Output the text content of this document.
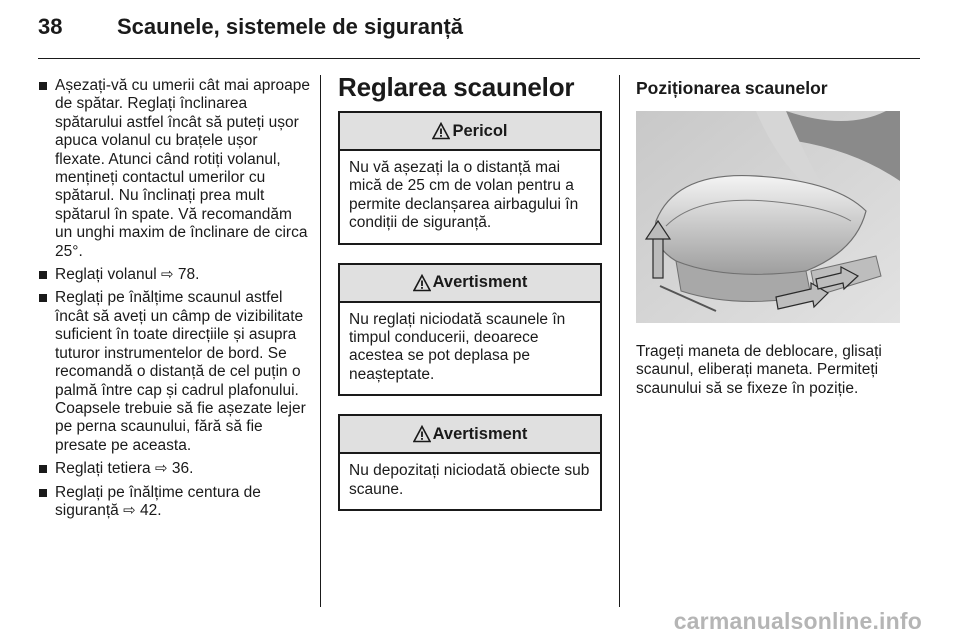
38 Scaunele, sistemele de siguranță
Așezați-vă cu umerii cât mai aproape de spătar. Reglați înclinarea spătarului astfel încât să puteți ușor apuca volanul cu brațele ușor flexate. Atunci când rotiți volanul, mențineți contactul umerilor cu spătarul. Nu înclinați prea mult spătarul în spate. Vă recomandăm un unghi maxim de înclinare de circa 25°.
Reglați volanul ⇨ 78.
Reglați pe înălțime scaunul astfel încât să aveți un câmp de vizibilitate suficient în toate direcțiile și asupra tuturor instrumentelor de bord. Se recomandă o distanță de cel puțin o palmă între cap și cadrul plafonului. Coapsele trebuie să fie așezate lejer pe perna scaunului, fără să fie presate pe aceasta.
Reglați tetiera ⇨ 36.
Reglați pe înălțime centura de siguranță ⇨ 42.
Reglarea scaunelor
Pericol
Nu vă așezați la o distanță mai mică de 25 cm de volan pentru a permite declanșarea airbagului în condiții de siguranță.
Avertisment
Nu reglați niciodată scaunele în timpul conducerii, deoarece acestea se pot deplasa pe neașteptate.
Avertisment
Nu depozitați niciodată obiecte sub scaune.
Poziționarea scaunelor

Trageți maneta de deblocare, glisați scaunul, eliberați maneta. Permiteți scaunului să se fixeze în poziție.

carmanualsonline.info
